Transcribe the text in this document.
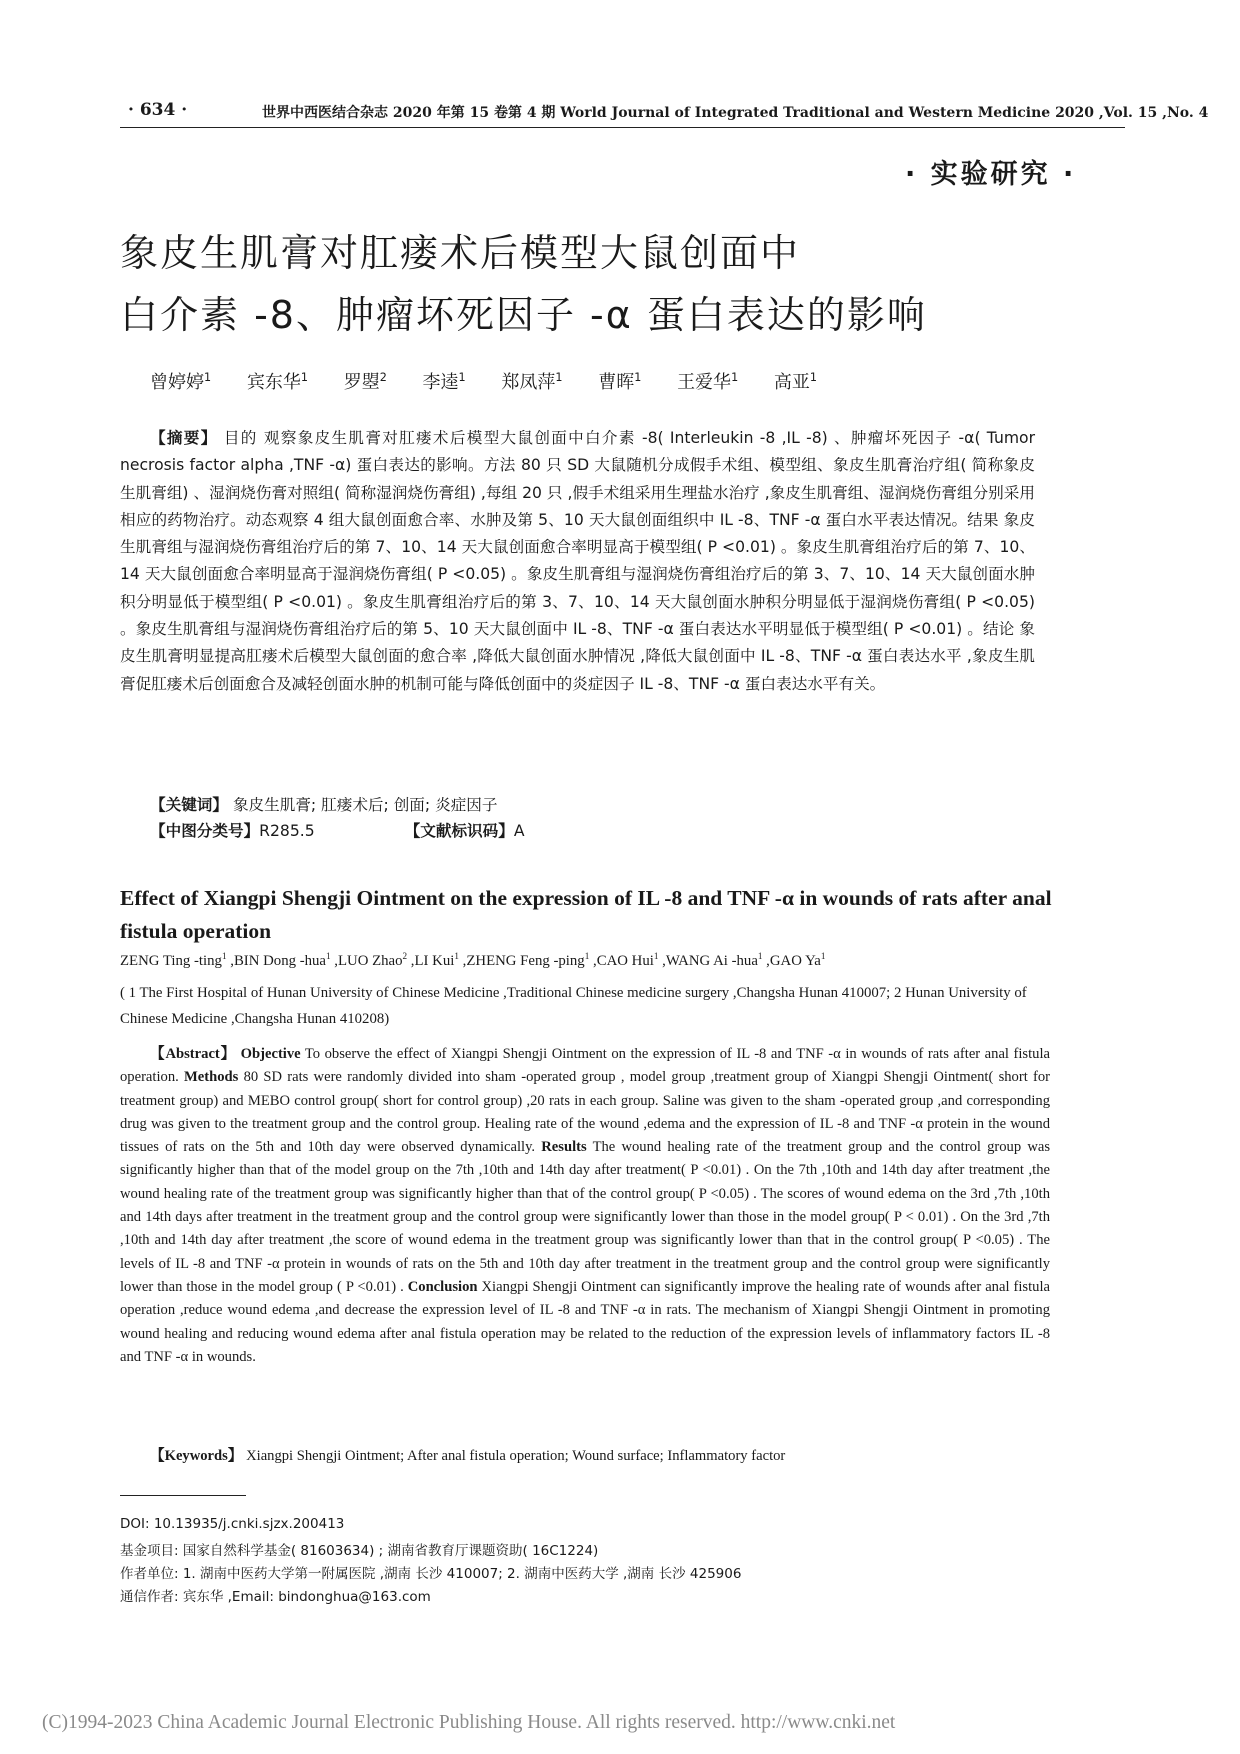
· 634 ·	世界中西医结合杂志 2020 年第 15 卷第 4 期 World Journal of Integrated Traditional and Western Medicine 2020 ,Vol. 15 ,No. 4
· 实验研究 ·
象皮生肌膏对肛瘘术后模型大鼠创面中
白介素 -8、肿瘤坏死因子 -α 蛋白表达的影响
曾婷婷$^1$ 宾东华$^1$ 罗曌$^2$ 李逵$^1$ 郑凤萍$^1$ 曹晖$^1$ 王爱华$^1$ 高亚$^1$
【摘要】 目的 观察象皮生肌膏对肛瘘术后模型大鼠创面中白介素 -8( Interleukin -8 ,IL -8) 、肿瘤坏死因子 -α( Tumor necrosis factor alpha ,TNF -α) 蛋白表达的影响。方法 80 只 SD 大鼠随机分成假手术组、模型组、象皮生肌膏治疗组( 简称象皮生肌膏组) 、湿润烧伤膏对照组( 简称湿润烧伤膏组) ,每组 20 只 ,假手术组采用生理盐水治疗 ,象皮生肌膏组、湿润烧伤膏组分别采用相应的药物治疗。动态观察 4 组大鼠创面愈合率、水肿及第 5、10 天大鼠创面组织中 IL -8、TNF -α 蛋白水平表达情况。结果 象皮生肌膏组与湿润烧伤膏组治疗后的第 7、10、14 天大鼠创面愈合率明显高于模型组( P <0.01) 。象皮生肌膏组治疗后的第 7、10、14 天大鼠创面愈合率明显高于湿润烧伤膏组( P <0.05) 。象皮生肌膏组与湿润烧伤膏组治疗后的第 3、7、10、14 天大鼠创面水肿积分明显低于模型组( P <0.01) 。象皮生肌膏组治疗后的第 3、7、10、14 天大鼠创面水肿积分明显低于湿润烧伤膏组( P <0.05) 。象皮生肌膏组与湿润烧伤膏组治疗后的第 5、10 天大鼠创面中 IL -8、TNF -α 蛋白表达水平明显低于模型组( P <0.01) 。结论 象皮生肌膏明显提高肛瘘术后模型大鼠创面的愈合率 ,降低大鼠创面水肿情况 ,降低大鼠创面中 IL -8、TNF -α 蛋白表达水平 ,象皮生肌膏促肛瘘术后创面愈合及减轻创面水肿的机制可能与降低创面中的炎症因子 IL -8、TNF -α 蛋白表达水平有关。
【关键词】 象皮生肌膏; 肛瘘术后; 创面; 炎症因子
【中图分类号】R285.5	【文献标识码】A
Effect of Xiangpi Shengji Ointment on the expression of IL -8 and TNF -α in wounds of rats after anal fistula operation
ZENG Ting -ting$^1$ ,BIN Dong -hua$^1$ ,LUO Zhao$^2$ ,LI Kui$^1$ ,ZHENG Feng -ping$^1$ ,CAO Hui$^1$ ,WANG Ai -hua$^1$ ,GAO Ya$^1$
( 1 The First Hospital of Hunan University of Chinese Medicine ,Traditional Chinese medicine surgery ,Changsha Hunan 410007; 2 Hunan University of Chinese Medicine ,Changsha Hunan 410208)
【Abstract】 Objective To observe the effect of Xiangpi Shengji Ointment on the expression of IL -8 and TNF -α in wounds of rats after anal fistula operation. Methods 80 SD rats were randomly divided into sham -operated group , model group ,treatment group of Xiangpi Shengji Ointment( short for treatment group) and MEBO control group( short for control group) ,20 rats in each group. Saline was given to the sham -operated group ,and corresponding drug was given to the treatment group and the control group. Healing rate of the wound ,edema and the expression of IL -8 and TNF -α protein in the wound tissues of rats on the 5th and 10th day were observed dynamically. Results The wound healing rate of the treatment group and the control group was significantly higher than that of the model group on the 7th ,10th and 14th day after treatment( P <0.01) . On the 7th ,10th and 14th day after treatment ,the wound healing rate of the treatment group was significantly higher than that of the control group( P <0.05) . The scores of wound edema on the 3rd ,7th ,10th and 14th days after treatment in the treatment group and the control group were significantly lower than those in the model group( P < 0.01) . On the 3rd ,7th ,10th and 14th day after treatment ,the score of wound edema in the treatment group was significantly lower than that in the control group( P <0.05) . The levels of IL -8 and TNF -α protein in wounds of rats on the 5th and 10th day after treatment in the treatment group and the control group were significantly lower than those in the model group ( P <0.01) . Conclusion Xiangpi Shengji Ointment can significantly improve the healing rate of wounds after anal fistula operation ,reduce wound edema ,and decrease the expression level of IL -8 and TNF -α in rats. The mechanism of Xiangpi Shengji Ointment in promoting wound healing and reducing wound edema after anal fistula operation may be related to the reduction of the expression levels of inflammatory factors IL -8 and TNF -α in wounds.
【Keywords】 Xiangpi Shengji Ointment; After anal fistula operation; Wound surface; Inflammatory factor
DOI: 10.13935/j.cnki.sjzx.200413
基金项目: 国家自然科学基金( 81603634) ; 湖南省教育厅课题资助( 16C1224)
作者单位: 1. 湖南中医药大学第一附属医院 ,湖南 长沙 410007; 2. 湖南中医药大学 ,湖南 长沙 425906
通信作者: 宾东华 ,Email: bindonghua@163.com
(C)1994-2023 China Academic Journal Electronic Publishing House. All rights reserved. http://www.cnki.net
